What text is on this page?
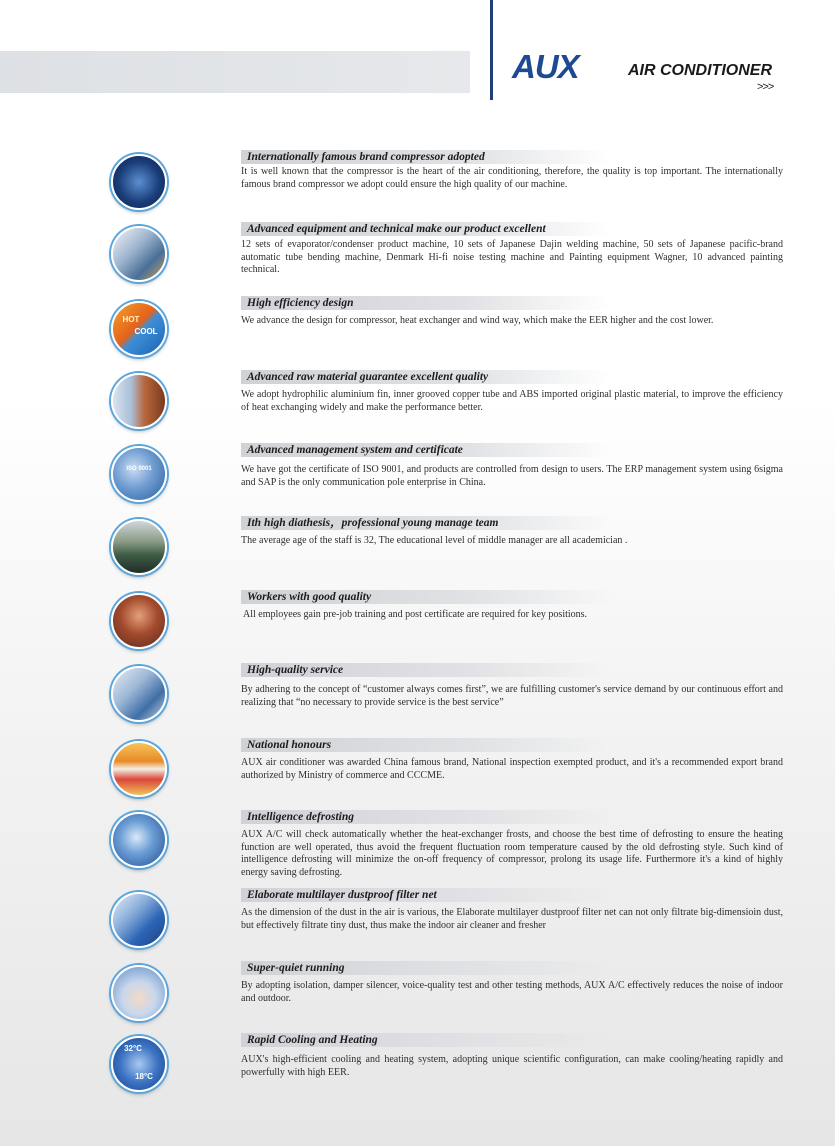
AUX	AIR CONDITIONER
>>>
Internationally famous brand compressor adopted
It is well known that the compressor is the heart of the air conditioning, therefore, the quality is top important. The internationally famous brand compressor we adopt could ensure the high quality of our machine.
Advanced equipment and technical make our product excellent
12 sets of evaporator/condenser product machine, 10 sets of Japanese Dajin welding machine, 50 sets of Japanese pacific-brand automatic tube bending machine, Denmark Hi-fi noise testing machine and Painting equipment Wagner, 10 advanced painting technical.
HOT
COOL
High efficiency design
We advance the design for compressor, heat exchanger and wind way, which make the EER higher and the cost lower.
Advanced raw material guarantee excellent quality
We adopt hydrophilic aluminium fin, inner grooved copper tube and ABS imported original plastic material, to improve the efficiency of heat exchanging widely and make the performance better.
ISO 9001
Advanced management system and certificate
We have got the certificate of ISO 9001, and products are controlled from design to users. The ERP management system using 6sigma and SAP is the only communication pole enterprise in China.
Ith high diathesis，professional young manage team
The average age of the staff is 32, The educational level of middle manager are all academician .
Workers with good quality
All employees gain pre-job training and post certificate are required for key positions.
High-quality service
By adhering to the concept of “customer always comes first”, we are fulfilling customer's service demand by our continuous effort and realizing that “no necessary to provide service is the best service”
National honours
AUX air conditioner was awarded China famous brand, National inspection exempted product, and it's a recommended export brand authorized by Ministry of commerce and CCCME.
Intelligence defrosting
AUX A/C will check automatically whether the heat-exchanger frosts, and choose the best time of defrosting to ensure the heating function are well operated, thus avoid the frequent fluctuation room temperature caused by the old defrosting style. Such kind of intelligence defrosting will minimize the on-off frequency of compressor, prolong its usage life. Furthermore it's a kind of highly energy saving defrosting.
Elaborate multilayer dustproof filter net
As the dimension of the dust in the air is various, the Elaborate multilayer dustproof filter net can not only filtrate big-dimensioin dust, but effectively filtrate tiny dust, thus make the indoor air cleaner and fresher
Super-quiet running
By adopting isolation, damper silencer, voice-quality test and other testing methods, AUX A/C effectively reduces the noise of indoor and outdoor.
32°C
18°C
Rapid Cooling and Heating
AUX's high-efficient cooling and heating system, adopting unique scientific configuration, can make cooling/heating rapidly and powerfully with high EER.
